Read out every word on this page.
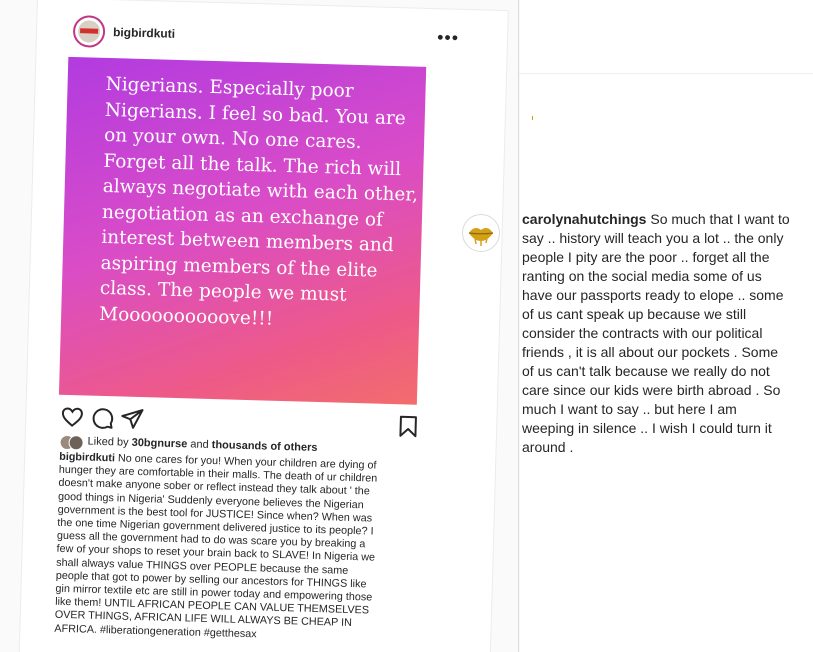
bigbirdkuti	•••

Nigerians. Especially poor Nigerians. I feel so bad. You are on your own. No one cares. Forget all the talk. The rich will always negotiate with each other, negotiation as an exchange of interest between members and aspiring members of the elite class. The people we must Moooooooooove!!!

Liked by 30bgnurse and thousands of others

bigbirdkuti No one cares for you! When your children are dying of hunger they are comfortable in their malls. The death of ur children doesn't make anyone sober or reflect instead they talk about ' the good things in Nigeria' Suddenly everyone believes the Nigerian government is the best tool for JUSTICE! Since when? When was the one time Nigerian government delivered justice to its people? I guess all the government had to do was scare you by breaking a few of your shops to reset your brain back to SLAVE! In Nigeria we shall always value THINGS over PEOPLE because the same people that got to power by selling our ancestors for THINGS like gin mirror textile etc are still in power today and empowering those like them! UNTIL AFRICAN PEOPLE CAN VALUE THEMSELVES OVER THINGS, AFRICAN LIFE WILL ALWAYS BE CHEAP IN AFRICA. #liberationgeneration #getthesax

carolynahutchings So much that I want to say .. history will teach you a lot .. the only people I pity are the poor .. forget all the ranting on the social media some of us have our passports ready to elope .. some of us cant speak up because we still consider the contracts with our political friends , it is all about our pockets . Some of us can't talk because we really do not care since our kids were birth abroad . So much I want to say .. but here I am weeping in silence .. I wish I could turn it around .
